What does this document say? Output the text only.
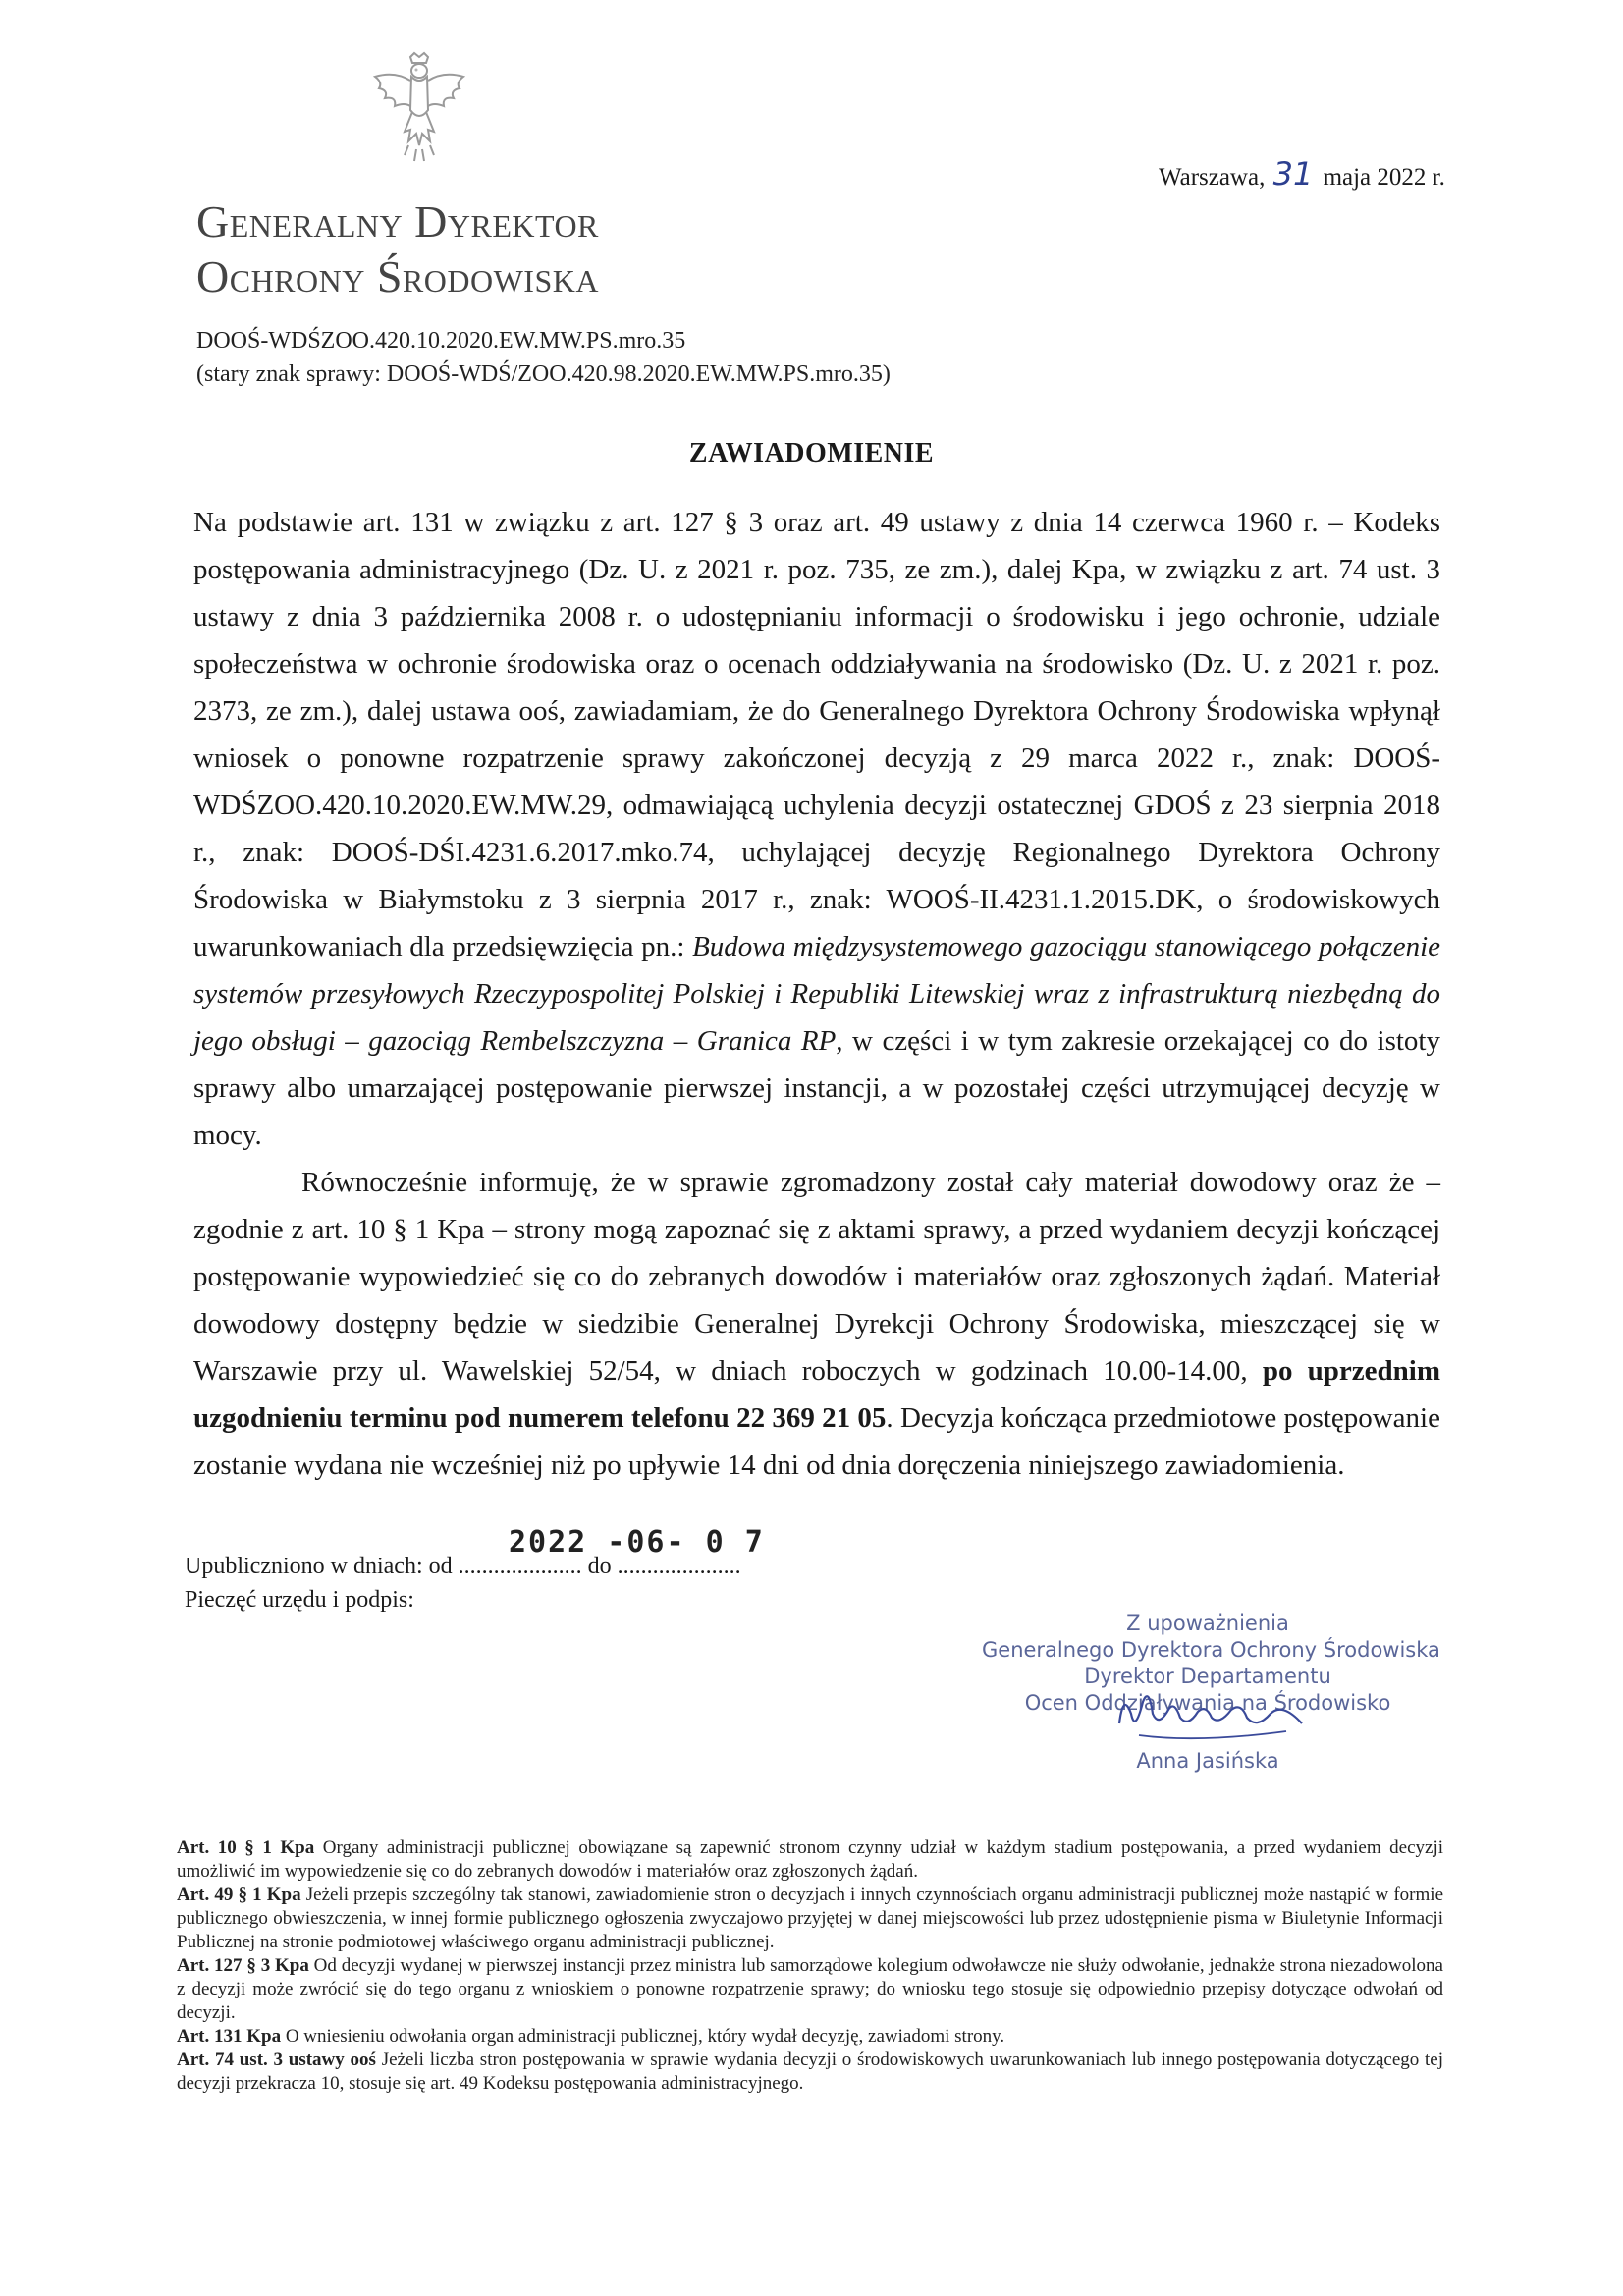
Warszawa, 31 maja 2022 r.
Generalny Dyrektor
Ochrony Środowiska
DOOŚ-WDŚZOO.420.10.2020.EW.MW.PS.mro.35
(stary znak sprawy: DOOŚ-WDŚ/ZOO.420.98.2020.EW.MW.PS.mro.35)
ZAWIADOMIENIE

Na podstawie art. 131 w związku z art. 127 § 3 oraz art. 49 ustawy z dnia 14 czerwca 1960 r. – Kodeks postępowania administracyjnego (Dz. U. z 2021 r. poz. 735, ze zm.), dalej Kpa, w związku z art. 74 ust. 3 ustawy z dnia 3 października 2008 r. o udostępnianiu informacji o środowisku i jego ochronie, udziale społeczeństwa w ochronie środowiska oraz o ocenach oddziaływania na środowisko (Dz. U. z 2021 r. poz. 2373, ze zm.), dalej ustawa ooś, zawiadamiam, że do Generalnego Dyrektora Ochrony Środowiska wpłynął wniosek o ponowne rozpatrzenie sprawy zakończonej decyzją z 29 marca 2022 r., znak: DOOŚ-WDŚZOO.420.10.2020.EW.MW.29, odmawiającą uchylenia decyzji ostatecznej GDOŚ z 23 sierpnia 2018 r., znak: DOOŚ-DŚI.4231.6.2017.mko.74, uchylającej decyzję Regionalnego Dyrektora Ochrony Środowiska w Białymstoku z 3 sierpnia 2017 r., znak: WOOŚ-II.4231.1.2015.DK, o środowiskowych uwarunkowaniach dla przedsięwzięcia pn.: Budowa międzysystemowego gazociągu stanowiącego połączenie systemów przesyłowych Rzeczypospolitej Polskiej i Republiki Litewskiej wraz z infrastrukturą niezbędną do jego obsługi – gazociąg Rembelszczyzna – Granica RP, w części i w tym zakresie orzekającej co do istoty sprawy albo umarzającej postępowanie pierwszej instancji, a w pozostałej części utrzymującej decyzję w mocy.

Równocześnie informuję, że w sprawie zgromadzony został cały materiał dowodowy oraz że – zgodnie z art. 10 § 1 Kpa – strony mogą zapoznać się z aktami sprawy, a przed wydaniem decyzji kończącej postępowanie wypowiedzieć się co do zebranych dowodów i materiałów oraz zgłoszonych żądań. Materiał dowodowy dostępny będzie w siedzibie Generalnej Dyrekcji Ochrony Środowiska, mieszczącej się w Warszawie przy ul. Wawelskiej 52/54, w dniach roboczych w godzinach 10.00-14.00, po uprzednim uzgodnieniu terminu pod numerem telefonu 22 369 21 05. Decyzja kończąca przedmiotowe postępowanie zostanie wydana nie wcześniej niż po upływie 14 dni od dnia doręczenia niniejszego zawiadomienia.

Upubliczniono w dniach: od ..................... do .....................
2022 -06- 0 7
Pieczęć urzędu i podpis:
Z upoważnienia
Generalnego Dyrektora Ochrony Środowiska
Dyrektor Departamentu
Ocen Oddziaływania na Środowisko
Anna Jasińska

Art. 10 § 1 Kpa Organy administracji publicznej obowiązane są zapewnić stronom czynny udział w każdym stadium postępowania, a przed wydaniem decyzji umożliwić im wypowiedzenie się co do zebranych dowodów i materiałów oraz zgłoszonych żądań.

Art. 49 § 1 Kpa Jeżeli przepis szczególny tak stanowi, zawiadomienie stron o decyzjach i innych czynnościach organu administracji publicznej może nastąpić w formie publicznego obwieszczenia, w innej formie publicznego ogłoszenia zwyczajowo przyjętej w danej miejscowości lub przez udostępnienie pisma w Biuletynie Informacji Publicznej na stronie podmiotowej właściwego organu administracji publicznej.

Art. 127 § 3 Kpa Od decyzji wydanej w pierwszej instancji przez ministra lub samorządowe kolegium odwoławcze nie służy odwołanie, jednakże strona niezadowolona z decyzji może zwrócić się do tego organu z wnioskiem o ponowne rozpatrzenie sprawy; do wniosku tego stosuje się odpowiednio przepisy dotyczące odwołań od decyzji.

Art. 131 Kpa O wniesieniu odwołania organ administracji publicznej, który wydał decyzję, zawiadomi strony.

Art. 74 ust. 3 ustawy ooś Jeżeli liczba stron postępowania w sprawie wydania decyzji o środowiskowych uwarunkowaniach lub innego postępowania dotyczącego tej decyzji przekracza 10, stosuje się art. 49 Kodeksu postępowania administracyjnego.
